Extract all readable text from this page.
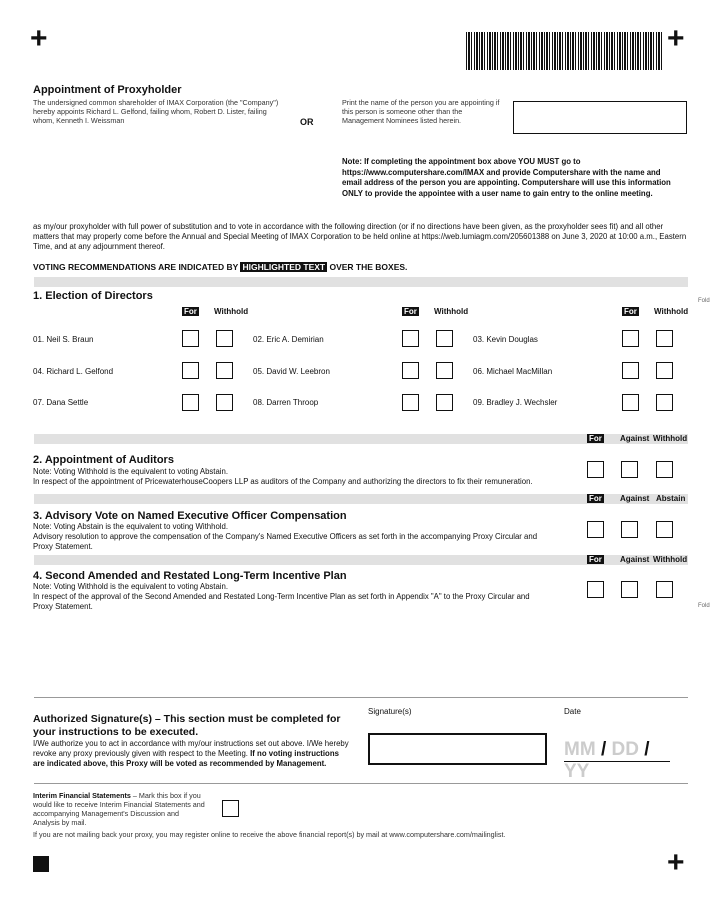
+	+
+
Appointment of Proxyholder
The undersigned common shareholder of IMAX Corporation (the "Company") hereby appoints Richard L. Gelfond, failing whom, Robert D. Lister, failing whom, Kenneth I. Weissman	OR
Print the name of the person you are appointing if this person is someone other than the Management Nominees listed herein.
Note: If completing the appointment box above YOU MUST go to https://www.computershare.com/IMAX and provide Computershare with the name and email address of the person you are appointing. Computershare will use this information ONLY to provide the appointee with a user name to gain entry to the online meeting.
as my/our proxyholder with full power of substitution and to vote in accordance with the following direction (or if no directions have been given, as the proxyholder sees fit) and all other matters that may properly come before the Annual and Special Meeting of IMAX Corporation to be held online at https://web.lumiagm.com/205601388 on June 3, 2020 at 10:00 a.m., Eastern Time, and at any adjournment thereof.
VOTING RECOMMENDATIONS ARE INDICATED BY HIGHLIGHTED TEXT OVER THE BOXES.
1. Election of Directors	Fold
For Withhold	For Withhold	For Withhold
01. Neil S. Braun	02. Eric A. Demirian	03. Kevin Douglas
04. Richard L. Gelfond	05. David W. Leebron	06. Michael MacMillan
07. Dana Settle	08. Darren Throop	09. Bradley J. Wechsler
For Against Withhold
2. Appointment of Auditors
Note: Voting Withhold is the equivalent to voting Abstain.
In respect of the appointment of PricewaterhouseCoopers LLP as auditors of the Company and authorizing the directors to fix their remuneration.
For Against Abstain
3. Advisory Vote on Named Executive Officer Compensation
Note: Voting Abstain is the equivalent to voting Withhold.
Advisory resolution to approve the compensation of the Company's Named Executive Officers as set forth in the accompanying Proxy Circular and Proxy Statement.
For Against Withhold
4. Second Amended and Restated Long-Term Incentive Plan
Note: Voting Withhold is the equivalent to voting Abstain.
In respect of the approval of the Second Amended and Restated Long-Term Incentive Plan as set forth in Appendix "A" to the Proxy Circular and Proxy Statement.	Fold
Authorized Signature(s) – This section must be completed for your instructions to be executed.
I/We authorize you to act in accordance with my/our instructions set out above. I/We hereby revoke any proxy previously given with respect to the Meeting. If no voting instructions are indicated above, this Proxy will be voted as recommended by Management.
Signature(s)	Date
MM / DD / YY
Interim Financial Statements – Mark this box if you would like to receive Interim Financial Statements and accompanying Management's Discussion and Analysis by mail.
If you are not mailing back your proxy, you may register online to receive the above financial report(s) by mail at www.computershare.com/mailinglist.
